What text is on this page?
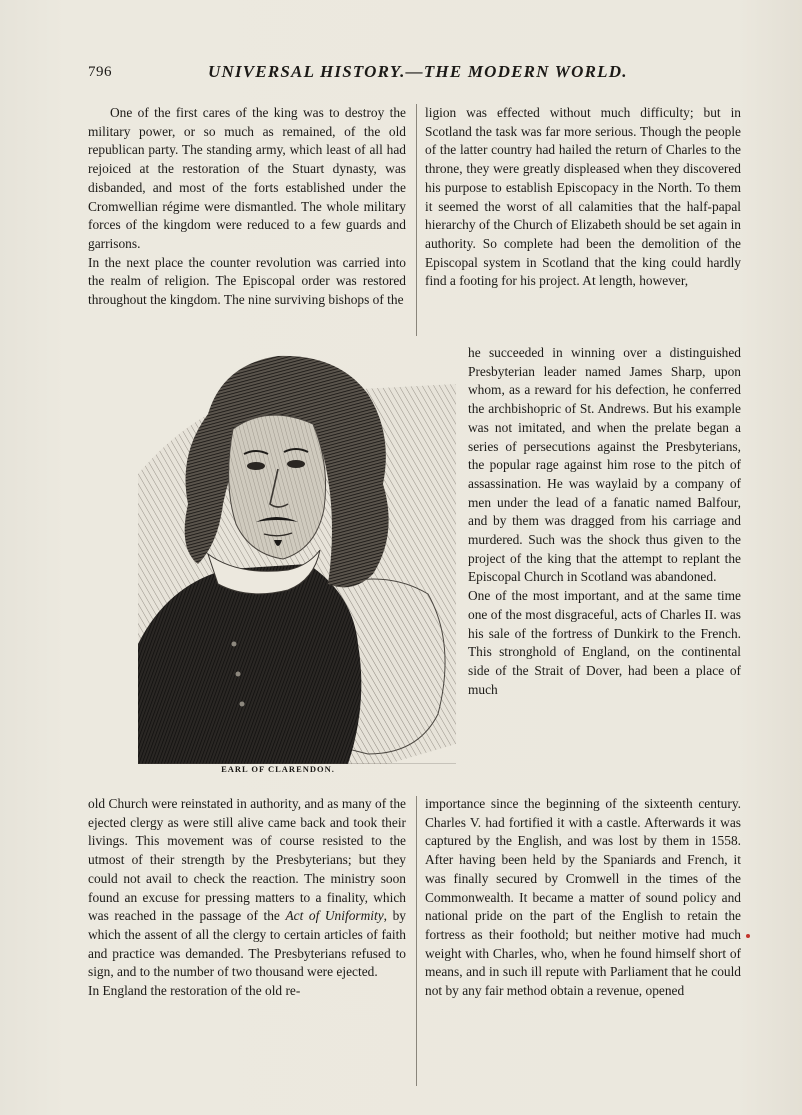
796	UNIVERSAL HISTORY.—THE MODERN WORLD.

One of the first cares of the king was to destroy the military power, or so much as remained, of the old republican party. The standing army, which least of all had rejoiced at the restoration of the Stuart dynasty, was disbanded, and most of the forts established under the Cromwellian régime were dismantled. The whole military forces of the kingdom were reduced to a few guards and garrisons.

In the next place the counter revolution was carried into the realm of religion. The Episcopal order was restored throughout the kingdom. The nine surviving bishops of the

ligion was effected without much difficulty; but in Scotland the task was far more serious. Though the people of the latter country had hailed the return of Charles to the throne, they were greatly displeased when they discovered his purpose to establish Episcopacy in the North. To them it seemed the worst of all calamities that the half-papal hierarchy of the Church of Elizabeth should be set again in authority. So complete had been the demolition of the Episcopal system in Scotland that the king could hardly find a footing for his project. At length, however,

he succeeded in winning over a distinguished Presbyterian leader named James Sharp, upon whom, as a reward for his defection, he conferred the archbishopric of St. Andrews. But his example was not imitated, and when the prelate began a series of persecutions against the Presbyterians, the popular rage against him rose to the pitch of assassination. He was waylaid by a company of men under the lead of a fanatic named Balfour, and by them was dragged from his carriage and murdered. Such was the shock thus given to the project of the king that the attempt to replant the Episcopal Church in Scotland was abandoned.

One of the most important, and at the same time one of the most disgraceful, acts of Charles II. was his sale of the fortress of Dunkirk to the French. This stronghold of England, on the continental side of the Strait of Dover, had been a place of much

EARL OF CLARENDON.

old Church were reinstated in authority, and as many of the ejected clergy as were still alive came back and took their livings. This movement was of course resisted to the utmost of their strength by the Presbyterians; but they could not avail to check the reaction. The ministry soon found an excuse for pressing matters to a finality, which was reached in the passage of the Act of Uniformity, by which the assent of all the clergy to certain articles of faith and practice was demanded. The Presbyterians refused to sign, and to the number of two thousand were ejected.

In England the restoration of the old re-

importance since the beginning of the sixteenth century. Charles V. had fortified it with a castle. Afterwards it was captured by the English, and was lost by them in 1558. After having been held by the Spaniards and French, it was finally secured by Cromwell in the times of the Commonwealth. It became a matter of sound policy and national pride on the part of the English to retain the fortress as their foothold; but neither motive had much weight with Charles, who, when he found himself short of means, and in such ill repute with Parliament that he could not by any fair method obtain a revenue, opened
